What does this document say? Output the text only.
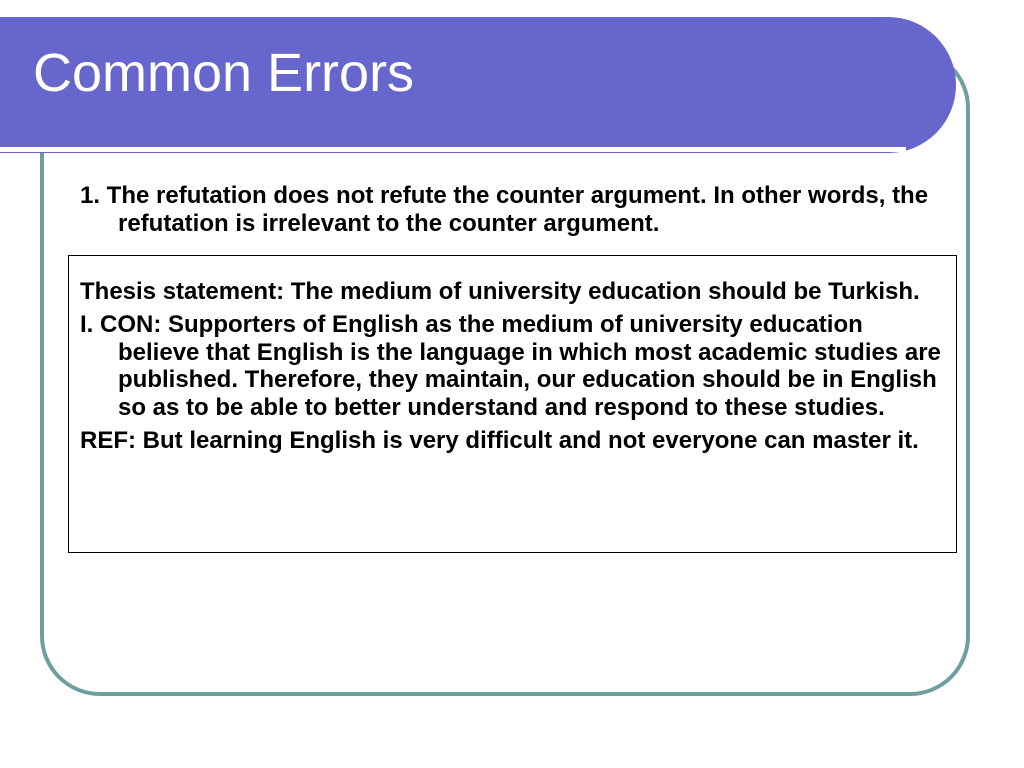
Common Errors

1. The refutation does not refute the counter argument. In other words, the refutation is irrelevant to the counter argument.

Thesis statement: The medium of university education should be Turkish.

I. CON: Supporters of English as the medium of university education believe that English is the language in which most academic studies are published. Therefore, they maintain, our education should be in English so as to be able to better understand and respond to these studies.

REF: But learning English is very difficult and not everyone can master it.
